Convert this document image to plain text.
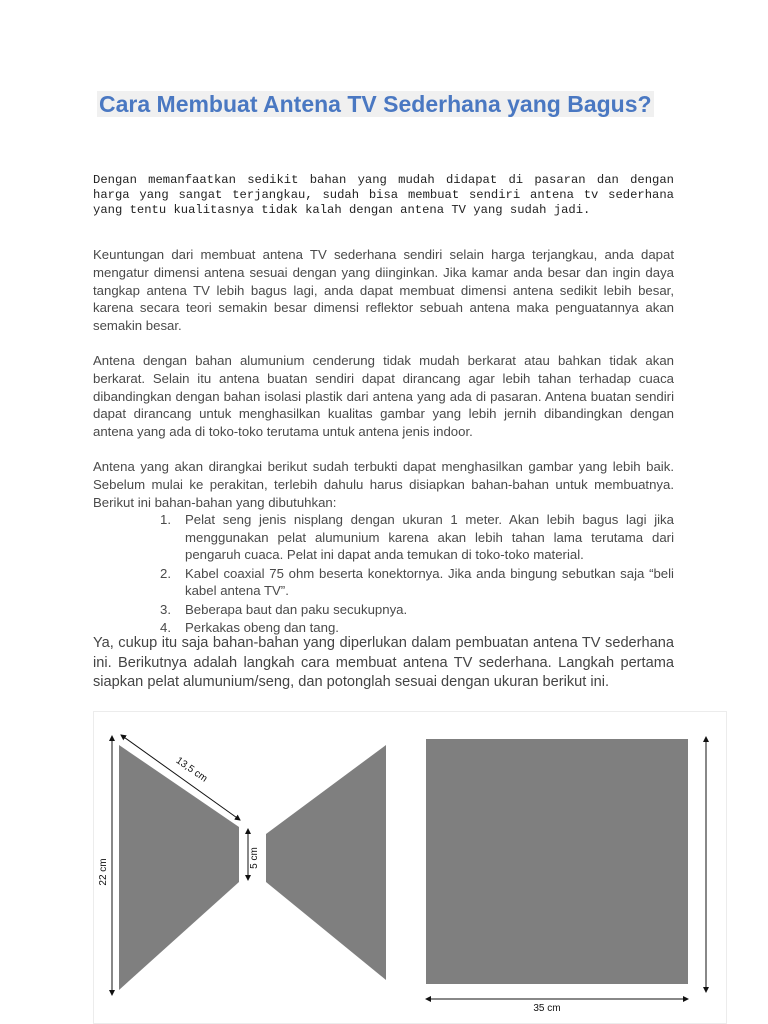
Cara Membuat Antena TV Sederhana yang Bagus?

Dengan memanfaatkan sedikit bahan yang mudah didapat di pasaran dan dengan harga yang sangat terjangkau, sudah bisa membuat sendiri antena tv sederhana yang tentu kualitasnya tidak kalah dengan antena TV yang sudah jadi.

Keuntungan dari membuat antena TV sederhana sendiri selain harga terjangkau, anda dapat mengatur dimensi antena sesuai dengan yang diinginkan. Jika kamar anda besar dan ingin daya tangkap antena TV lebih bagus lagi, anda dapat membuat dimensi antena sedikit lebih besar, karena secara teori semakin besar dimensi reflektor sebuah antena maka penguatannya akan semakin besar.

Antena dengan bahan alumunium cenderung tidak mudah berkarat atau bahkan tidak akan berkarat. Selain itu antena buatan sendiri dapat dirancang agar lebih tahan terhadap cuaca dibandingkan dengan bahan isolasi plastik dari antena yang ada di pasaran. Antena buatan sendiri dapat dirancang untuk menghasilkan kualitas gambar yang lebih jernih dibandingkan dengan antena yang ada di toko-toko terutama untuk antena jenis indoor.

Antena yang akan dirangkai berikut sudah terbukti dapat menghasilkan gambar yang lebih baik. Sebelum mulai ke perakitan, terlebih dahulu harus disiapkan bahan-bahan untuk membuatnya. Berikut ini bahan-bahan yang dibutuhkan:

1. Pelat seng jenis nisplang dengan ukuran 1 meter. Akan lebih bagus lagi jika menggunakan pelat alumunium karena akan lebih tahan lama terutama dari pengaruh cuaca. Pelat ini dapat anda temukan di toko-toko material.
2. Kabel coaxial 75 ohm beserta konektornya. Jika anda bingung sebutkan saja “beli kabel antena TV”.
3. Beberapa baut dan paku secukupnya.
4. Perkakas obeng dan tang.

Ya, cukup itu saja bahan-bahan yang diperlukan dalam pembuatan antena TV sederhana ini. Berikutnya adalah langkah cara membuat antena TV sederhana. Langkah pertama siapkan pelat alumunium/seng, dan potonglah sesuai dengan ukuran berikut ini.

22 cm
13,5 cm
5 cm
35 cm
